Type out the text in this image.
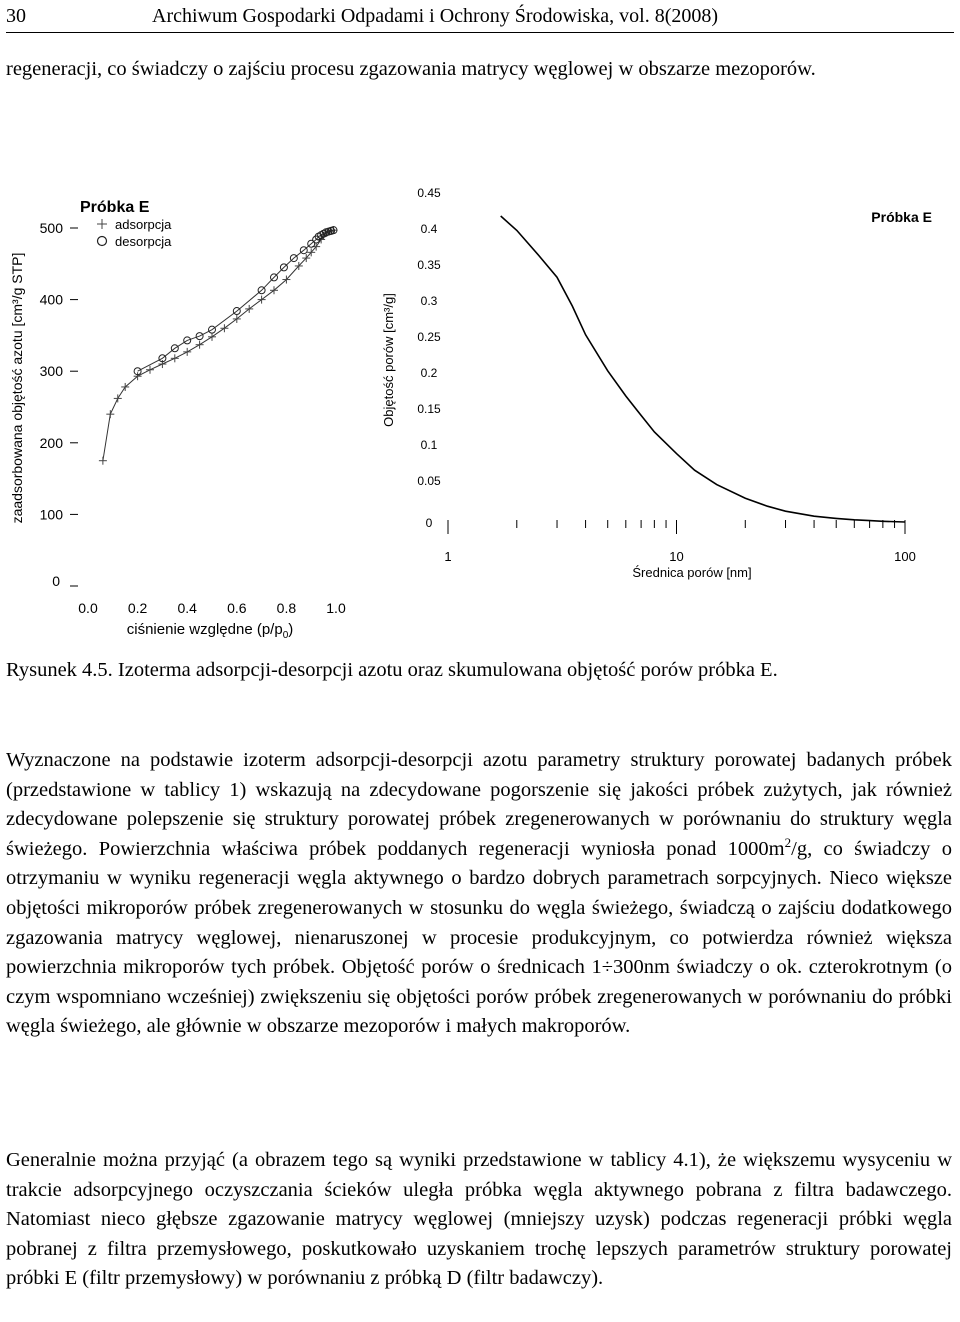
30	Archiwum Gospodarki Odpadami i Ochrony Środowiska, vol. 8(2008)

regeneracji, co świadczy o zajściu procesu zgazowania matrycy węglowej w obszarze mezoporów.

0
100
200
300
400
500
0.0 0.2 0.4 0.6 0.8 1.0
Próbka E
adsorpcja
desorpcja
zaadsorbowana objętość azotu [cm³/g STP]
ciśnienie względne $(p/p_0)$
0
0.05
0.1
0.15
0.2
0.25
0.3
0.35
0.4
0.45
1	10	100
Próbka E
Objętość porów [cm³/g]
Średnica porów [nm]

Rysunek 4.5. Izoterma adsorpcji-desorpcji azotu oraz skumulowana objętość porów próbka E.

Wyznaczone na podstawie izoterm adsorpcji-desorpcji azotu parametry struktury porowatej badanych próbek (przedstawione w tablicy 1) wskazują na zdecydowane pogorszenie się jakości próbek zużytych, jak również zdecydowane polepszenie się struktury porowatej próbek zregenerowanych w porównaniu do struktury węgla świeżego. Powierzchnia właściwa próbek poddanych regeneracji wyniosła ponad $1000m^2/g$, co świadczy o otrzymaniu w wyniku regeneracji węgla aktywnego o bardzo dobrych parametrach sorpcyjnych. Nieco większe objętości mikroporów próbek zregenerowanych w stosunku do węgla świeżego, świadczą o zajściu dodatkowego zgazowania matrycy węglowej, nienaruszonej w procesie produkcyjnym, co potwierdza również większa powierzchnia mikroporów tych próbek. Objętość porów o średnicach 1÷300nm świadczy o ok. czterokrotnym (o czym wspomniano wcześniej) zwiększeniu się objętości porów próbek zregenerowanych w porównaniu do próbki węgla świeżego, ale głównie w obszarze mezoporów i małych makroporów.

Generalnie można przyjąć (a obrazem tego są wyniki przedstawione w tablicy 4.1), że większemu wysyceniu w trakcie adsorpcyjnego oczyszczania ścieków uległa próbka węgla aktywnego pobrana z filtra badawczego. Natomiast nieco głębsze zgazowanie matrycy węglowej (mniejszy uzysk) podczas regeneracji próbki węgla pobranej z filtra przemysłowego, poskutkowało uzyskaniem trochę lepszych parametrów struktury porowatej próbki E (filtr przemysłowy) w porównaniu z próbką D (filtr badawczy).
